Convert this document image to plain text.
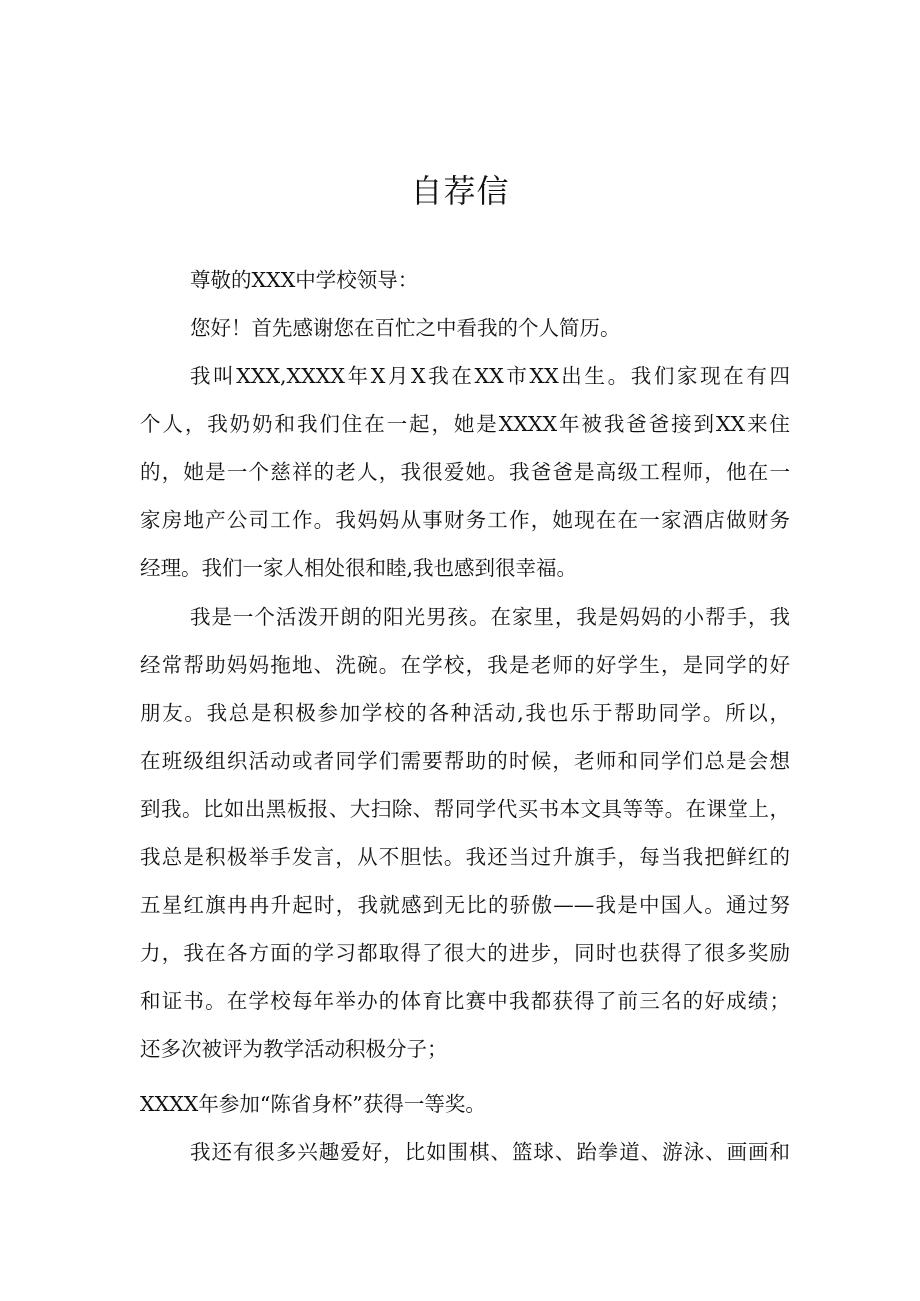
自荐信
尊敬的XXX中学校领导：
您好！首先感谢您在百忙之中看我的个人简历。
我叫XXX,XXXX年X月X我在XX市XX出生。我们家现在有四
个人，我奶奶和我们住在一起，她是XXXX年被我爸爸接到XX来住
的，她是一个慈祥的老人，我很爱她。我爸爸是高级工程师，他在一
家房地产公司工作。我妈妈从事财务工作，她现在在一家酒店做财务
经理。我们一家人相处很和睦,我也感到很幸福。
我是一个活泼开朗的阳光男孩。在家里，我是妈妈的小帮手，我
经常帮助妈妈拖地、洗碗。在学校，我是老师的好学生，是同学的好
朋友。我总是积极参加学校的各种活动,我也乐于帮助同学。所以，
在班级组织活动或者同学们需要帮助的时候，老师和同学们总是会想
到我。比如出黑板报、大扫除、帮同学代买书本文具等等。在课堂上，
我总是积极举手发言，从不胆怯。我还当过升旗手，每当我把鲜红的
五星红旗冉冉升起时，我就感到无比的骄傲——我是中国人。通过努
力，我在各方面的学习都取得了很大的进步，同时也获得了很多奖励
和证书。在学校每年举办的体育比赛中我都获得了前三名的好成绩；
还多次被评为教学活动积极分子；
XXXX年参加“陈省身杯”获得一等奖。
我还有很多兴趣爱好，比如围棋、篮球、跆拳道、游泳、画画和
